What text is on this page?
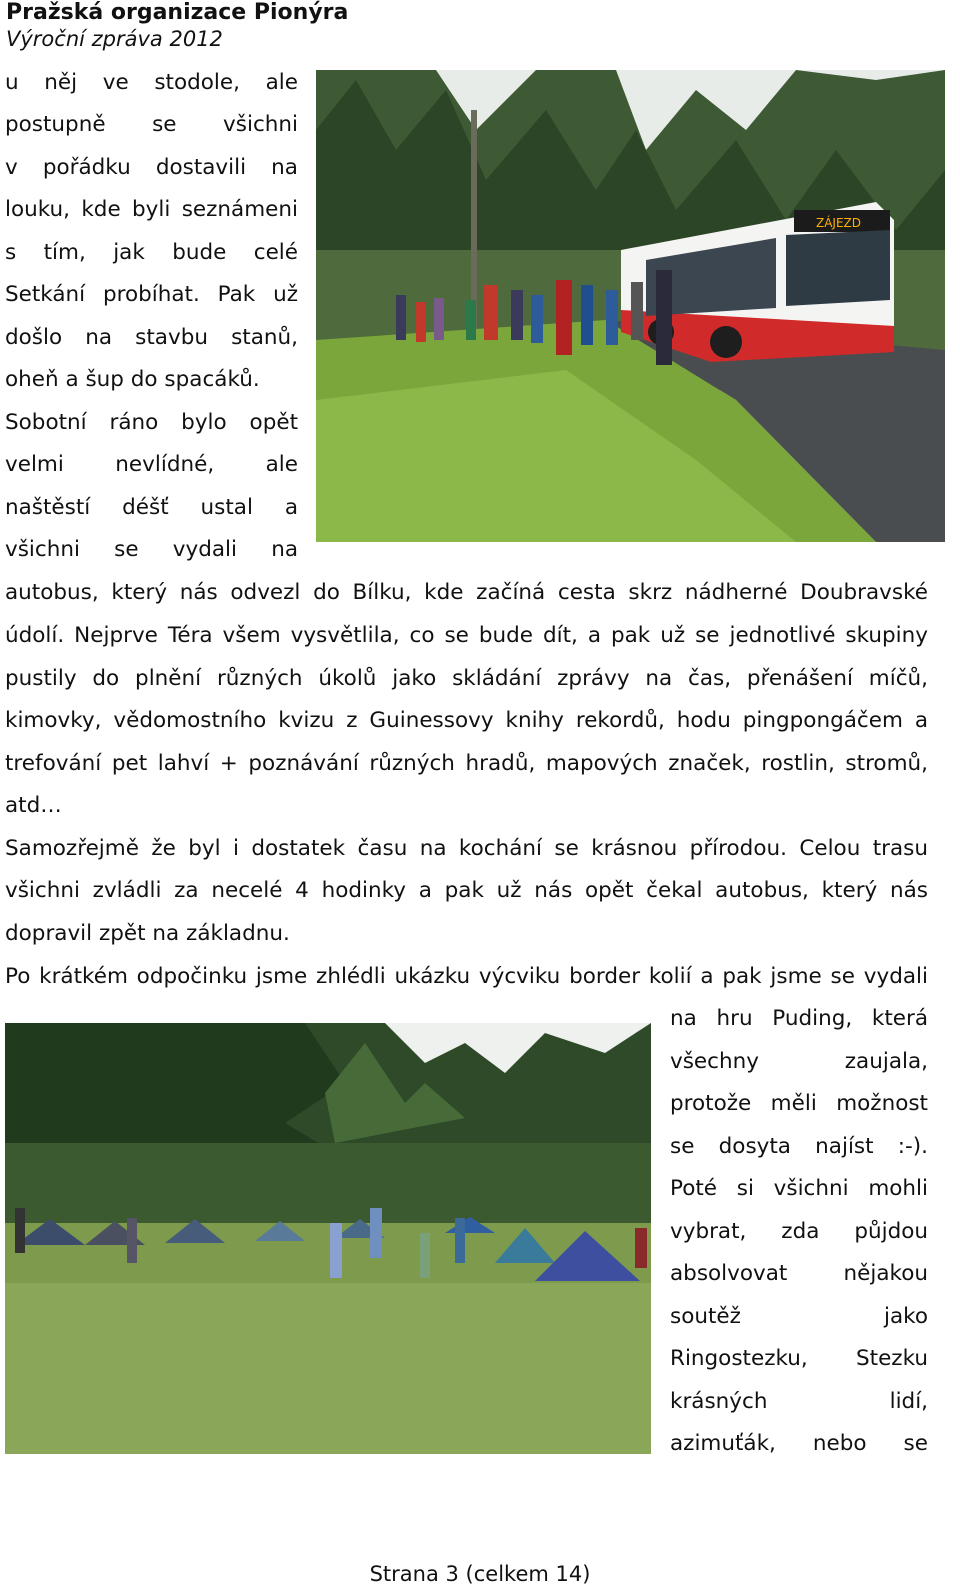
Pražská organizace Pionýra
Výroční zpráva 2012
u něj ve stodole, ale
postupně se všichni
v pořádku dostavili na
louku, kde byli seznámeni
s tím, jak bude celé
Setkání probíhat. Pak už
došlo na stavbu stanů,
oheň a šup do spacáků.
Sobotní ráno bylo opět
velmi nevlídné, ale
naštěstí déšť ustal a
všichni se vydali na
ZÁJEZD
autobus, který nás odvezl do Bílku, kde začíná cesta skrz nádherné Doubravské
údolí. Nejprve Téra všem vysvětlila, co se bude dít, a pak už se jednotlivé skupiny
pustily do plnění různých úkolů jako skládání zprávy na čas, přenášení míčů,
kimovky, vědomostního kvizu z Guinessovy knihy rekordů, hodu pingpongáčem a
trefování pet lahví + poznávání různých hradů, mapových značek, rostlin, stromů,
atd…
Samozřejmě že byl i dostatek času na kochání se krásnou přírodou. Celou trasu
všichni zvládli za necelé 4 hodinky a pak už nás opět čekal autobus, který nás
dopravil zpět na základnu.
Po krátkém odpočinku jsme zhlédli ukázku výcviku border kolií a pak jsme se vydali
na hru Puding, která
všechny zaujala,
protože měli možnost
se dosyta najíst :-).
Poté si všichni mohli
vybrat, zda půjdou
absolvovat nějakou
soutěž jako
Ringostezku, Stezku
krásných lidí,
azimuťák, nebo se
Strana 3 (celkem 14)
